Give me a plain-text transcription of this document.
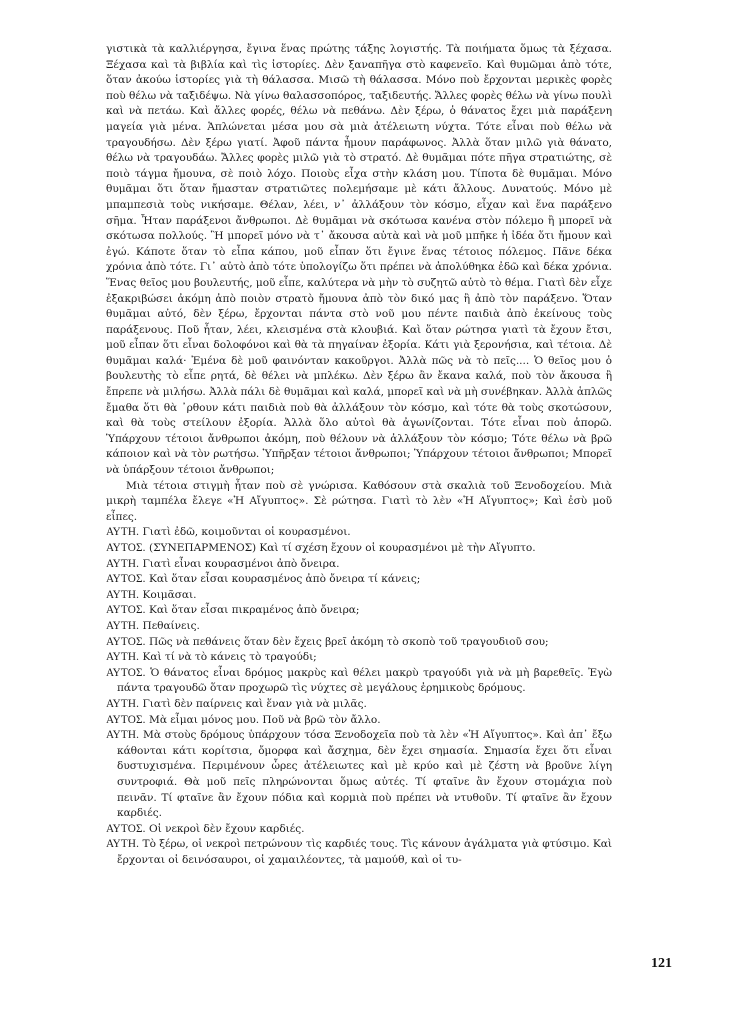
γιστικὰ τὰ καλλιέργησα, ἔγινα ἕνας πρώτης τάξης λογιστής. Τὰ ποιήματα ὅμως τὰ ξέχασα. Ξέχασα καὶ τὰ βιβλία καὶ τὶς ἱστορίες. Δὲν ξαναπῆγα στὸ καφενεῖο. Καὶ θυμῶμαι ἀπὸ τότε, ὅταν ἀκούω ἱστορίες γιὰ τὴ θάλασσα. Μισῶ τὴ θάλασσα. Μόνο ποὺ ἔρχονται μερικὲς φορὲς ποὺ θέλω νὰ ταξιδέψω. Νὰ γίνω θαλασσοπόρος, ταξιδευτής. Ἄλλες φορὲς θέλω νὰ γίνω πουλὶ καὶ νὰ πετάω. Καὶ ἄλλες φορές, θέλω νὰ πεθάνω. Δὲν ξέρω, ὁ θάνατος ἔχει μιὰ παράξενη μαγεία γιὰ μένα. Ἁπλώνεται μέσα μου σὰ μιὰ ἀτέλειωτη νύχτα. Τότε εἶναι ποὺ θέλω νὰ τραγουδήσω. Δὲν ξέρω γιατί. Ἀφοῦ πάντα ἦμουν παράφωνος. Ἀλλὰ ὅταν μιλῶ γιὰ θάνατο, θέλω νὰ τραγουδάω. Ἄλλες φορὲς μιλῶ γιὰ τὸ στρατό. Δὲ θυμᾶμαι πότε πῆγα στρατιώτης, σὲ ποιὸ τάγμα ἤμουνα, σὲ ποιὸ λόχο. Ποιοὺς εἶχα στὴν κλάση μου. Τίποτα δὲ θυμᾶμαι. Μόνο θυμᾶμαι ὅτι ὅταν ἤμασταν στρατιῶτες πολεμήσαμε μὲ κάτι ἄλλους. Δυνατούς. Μόνο μὲ μπαμπεσιὰ τοὺς νικήσαμε. Θέλαν, λέει, ν᾽ ἀλλάξουν τὸν κόσμο, εἶχαν καὶ ἕνα παράξενο σῆμα. Ἦταν παράξενοι ἄνθρωποι. Δὲ θυμᾶμαι νὰ σκότωσα κανένα στὸν πόλεμο ἢ μπορεῖ νὰ σκότωσα πολλούς. Ἢ μπορεῖ μόνο νὰ τ᾽ ἄκουσα αὐτὰ καὶ νὰ μοῦ μπῆκε ἡ ἰδέα ὅτι ἤμουν καὶ ἐγώ. Κάποτε ὅταν τὸ εἶπα κάπου, μοῦ εἶπαν ὅτι ἔγινε ἕνας τέτοιος πόλεμος. Πᾶνε δέκα χρόνια ἀπὸ τότε. Γι᾽ αὐτὸ ἀπὸ τότε ὑπολογίζω ὅτι πρέπει νὰ ἀπολύθηκα ἐδῶ καὶ δέκα χρόνια. Ἕνας θεῖος μου βουλευτής, μοῦ εἶπε, καλύτερα νὰ μὴν τὸ συζητῶ αὐτὸ τὸ θέμα. Γιατὶ δὲν εἶχε ἐξακριβώσει ἀκόμη ἀπὸ ποιὸν στρατὸ ἤμουνα ἀπὸ τὸν δικό μας ἢ ἀπὸ τὸν παράξενο. Ὅταν θυμᾶμαι αὐτό, δὲν ξέρω, ἔρχονται πάντα στὸ νοῦ μου πέντε παιδιὰ ἀπὸ ἐκείνους τοὺς παράξενους. Ποῦ ἦταν, λέει, κλεισμένα στὰ κλουβιά. Καὶ ὅταν ρώτησα γιατὶ τὰ ἔχουν ἔτσι, μοῦ εἶπαν ὅτι εἶναι δολοφόνοι καὶ θὰ τὰ πηγαίναν ἐξορία. Κάτι γιὰ ξερονήσια, καὶ τέτοια. Δὲ θυμᾶμαι καλά· Ἐμένα δὲ μοῦ φαινόνταν κακοῦργοι. Ἀλλὰ πῶς νὰ τὸ πεῖς.... Ὁ θεῖος μου ὁ βουλευτὴς τὸ εἶπε ρητά, δὲ θέλει νὰ μπλέκω. Δὲν ξέρω ἂν ἔκανα καλά, ποὺ τὸν ἄκουσα ἢ ἔπρεπε νὰ μιλήσω. Ἀλλὰ πάλι δὲ θυμᾶμαι καὶ καλά, μπορεῖ καὶ νὰ μὴ συνέβηκαν. Ἀλλὰ ἁπλῶς ἔμαθα ὅτι θὰ ᾽ρθουν κάτι παιδιὰ ποὺ θὰ ἀλλάξουν τὸν κόσμο, καὶ τότε θὰ τοὺς σκοτώσουν, καὶ θὰ τοὺς στείλουν ἐξορία. Ἀλλὰ ὅλο αὐτοὶ θὰ ἀγωνίζονται. Τότε εἶναι ποὺ ἀπορῶ. Ὑπάρχουν τέτοιοι ἄνθρωποι ἀκόμη, ποὺ θέλουν νὰ ἀλλάξουν τὸν κόσμο; Τότε θέλω νὰ βρῶ κάποιον καὶ νὰ τὸν ρωτήσω. Ὑπῆρξαν τέτοιοι ἄνθρωποι; Ὑπάρχουν τέτοιοι ἄνθρωποι; Μπορεῖ νὰ ὑπάρξουν τέτοιοι ἄνθρωποι;

Μιὰ τέτοια στιγμὴ ἦταν ποὺ σὲ γνώρισα. Καθόσουν στὰ σκαλιὰ τοῦ Ξενοδοχείου. Μιὰ μικρὴ ταμπέλα ἔλεγε «Ἡ Αἴγυπτος». Σὲ ρώτησα. Γιατὶ τὸ λὲν «Ἡ Αἴγυπτος»; Καὶ ἐσὺ μοῦ εἶπες.

ΑΥΤΗ. Γιατὶ ἐδῶ, κοιμοῦνται οἱ κουρασμένοι.

ΑΥΤΟΣ. (ΣΥΝΕΠΑΡΜΕΝΟΣ) Καὶ τί σχέση ἔχουν οἱ κουρασμένοι μὲ τὴν Αἴγυπτο.

ΑΥΤΗ. Γιατὶ εἶναι κουρασμένοι ἀπὸ ὄνειρα.

ΑΥΤΟΣ. Καὶ ὅταν εἶσαι κουρασμένος ἀπὸ ὄνειρα τί κάνεις;

ΑΥΤΗ. Κοιμᾶσαι.

ΑΥΤΟΣ. Καὶ ὅταν εἶσαι πικραμένος ἀπὸ ὄνειρα;

ΑΥΤΗ. Πεθαίνεις.

ΑΥΤΟΣ. Πῶς νὰ πεθάνεις ὅταν δὲν ἔχεις βρεῖ ἀκόμη τὸ σκοπὸ τοῦ τραγουδιοῦ σου;

ΑΥΤΗ. Καὶ τί νὰ τὸ κάνεις τὸ τραγούδι;

ΑΥΤΟΣ. Ὁ θάνατος εἶναι δρόμος μακρὺς καὶ θέλει μακρὺ τραγούδι γιὰ νὰ μὴ βαρεθεῖς. Ἐγὼ πάντα τραγουδῶ ὅταν προχωρῶ τὶς νύχτες σὲ μεγάλους ἐρημικοὺς δρόμους.

ΑΥΤΗ. Γιατὶ δὲν παίρνεις καὶ ἕναν γιὰ νὰ μιλᾶς.

ΑΥΤΟΣ. Μὰ εἶμαι μόνος μου. Ποῦ νὰ βρῶ τὸν ἄλλο.

ΑΥΤΗ. Μὰ στοὺς δρόμους ὑπάρχουν τόσα Ξενοδοχεῖα ποὺ τὰ λὲν «Ἡ Αἴγυπτος». Καὶ ἀπ᾽ ἔξω κάθονται κάτι κορίτσια, ὄμορφα καὶ ἄσχημα, δὲν ἔχει σημασία. Σημασία ἔχει ὅτι εἶναι δυστυχισμένα. Περιμένουν ὧρες ἀτέλειωτες καὶ μὲ κρύο καὶ μὲ ζέστη νὰ βροῦνε λίγη συντροφιά. Θὰ μοῦ πεῖς πληρώνονται ὅμως αὐτές. Τί φταῖνε ἂν ἔχουν στομάχια ποὺ πεινᾶν. Τί φταῖνε ἂν ἔχουν πόδια καὶ κορμιὰ ποὺ πρέπει νὰ ντυθοῦν. Τί φταῖνε ἂν ἔχουν καρδιές.

ΑΥΤΟΣ. Οἱ νεκροὶ δὲν ἔχουν καρδιές.

ΑΥΤΗ. Τὸ ξέρω, οἱ νεκροὶ πετρώνουν τὶς καρδιές τους. Τὶς κάνουν ἀγάλματα γιὰ φτύσιμο. Καὶ ἔρχονται οἱ δεινόσαυροι, οἱ χαμαιλέοντες, τὰ μαμούθ, καὶ οἱ τυ-

121
